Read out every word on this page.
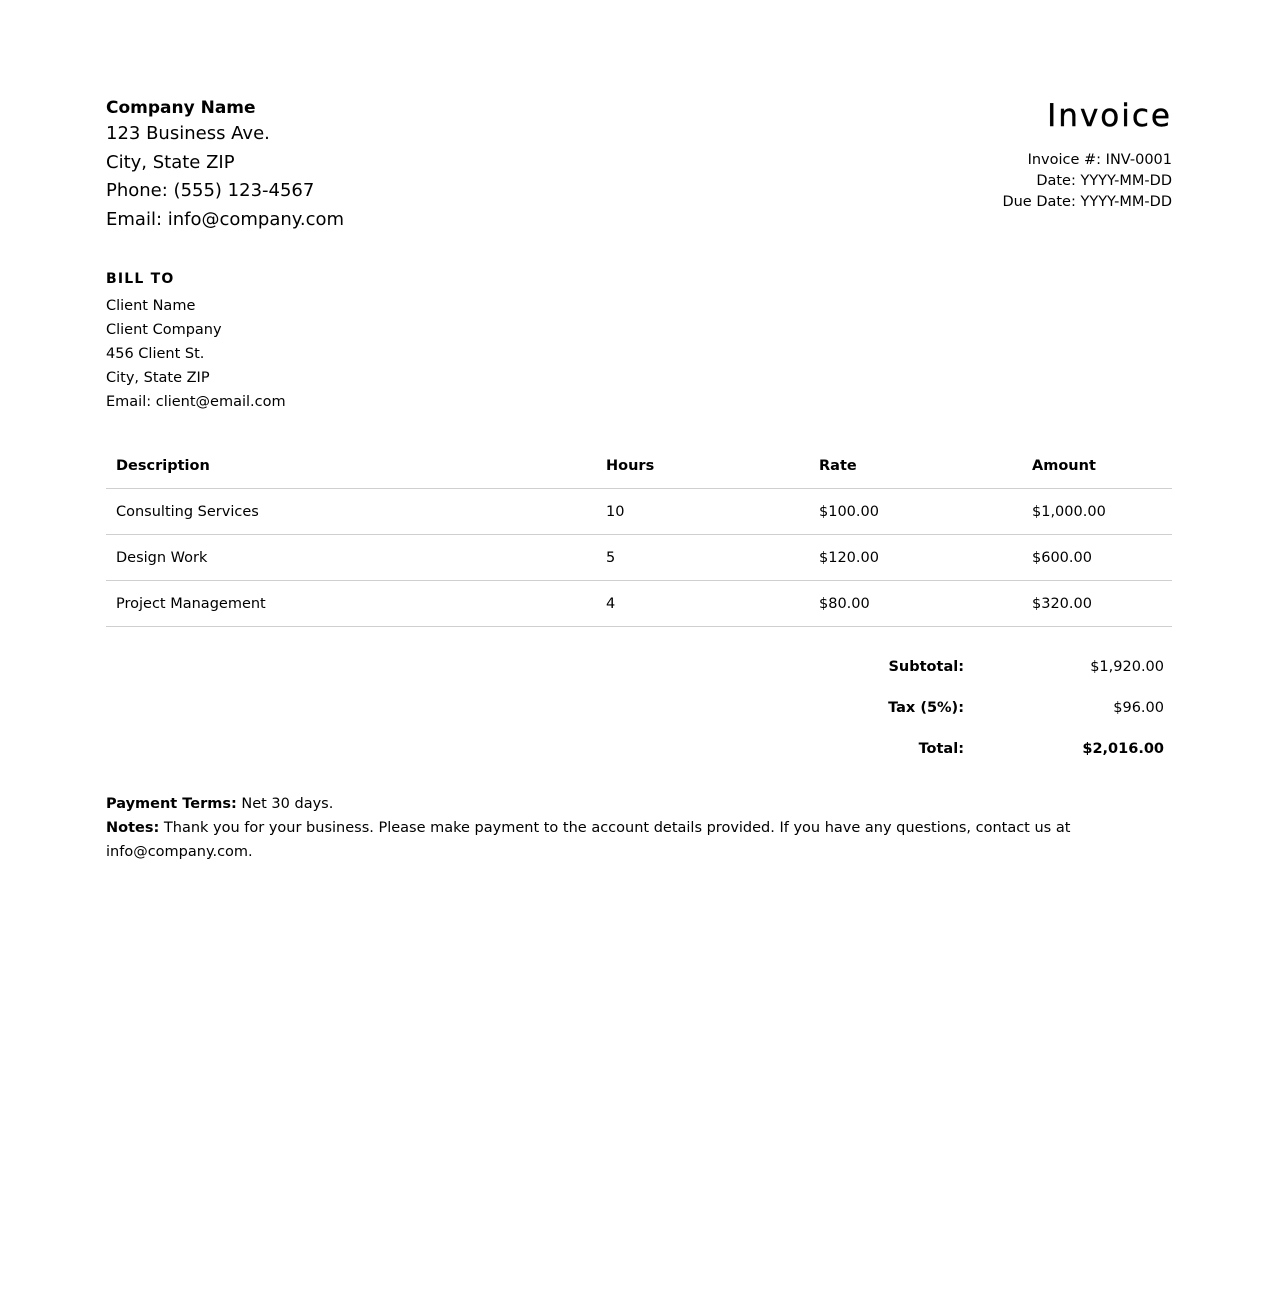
Company Name

123 Business Ave.

City, State ZIP

Phone: (555) 123-4567

Email: info@company.com

Invoice

Invoice #: INV-0001

Date: YYYY-MM-DD

Due Date: YYYY-MM-DD

BILL TO

Client Name

Client Company

456 Client St.

City, State ZIP

Email: client@email.com

Description	Hours	Rate	Amount
Consulting Services	10	$100.00	$1,000.00
Design Work	5	$120.00	$600.00
Project Management	4	$80.00	$320.00
Subtotal:	$1,920.00
Tax (5%):	$96.00
Total:	$2,016.00

Payment Terms: Net 30 days.

Notes: Thank you for your business. Please make payment to the account details provided. If you have any questions, contact us at info@company.com.
